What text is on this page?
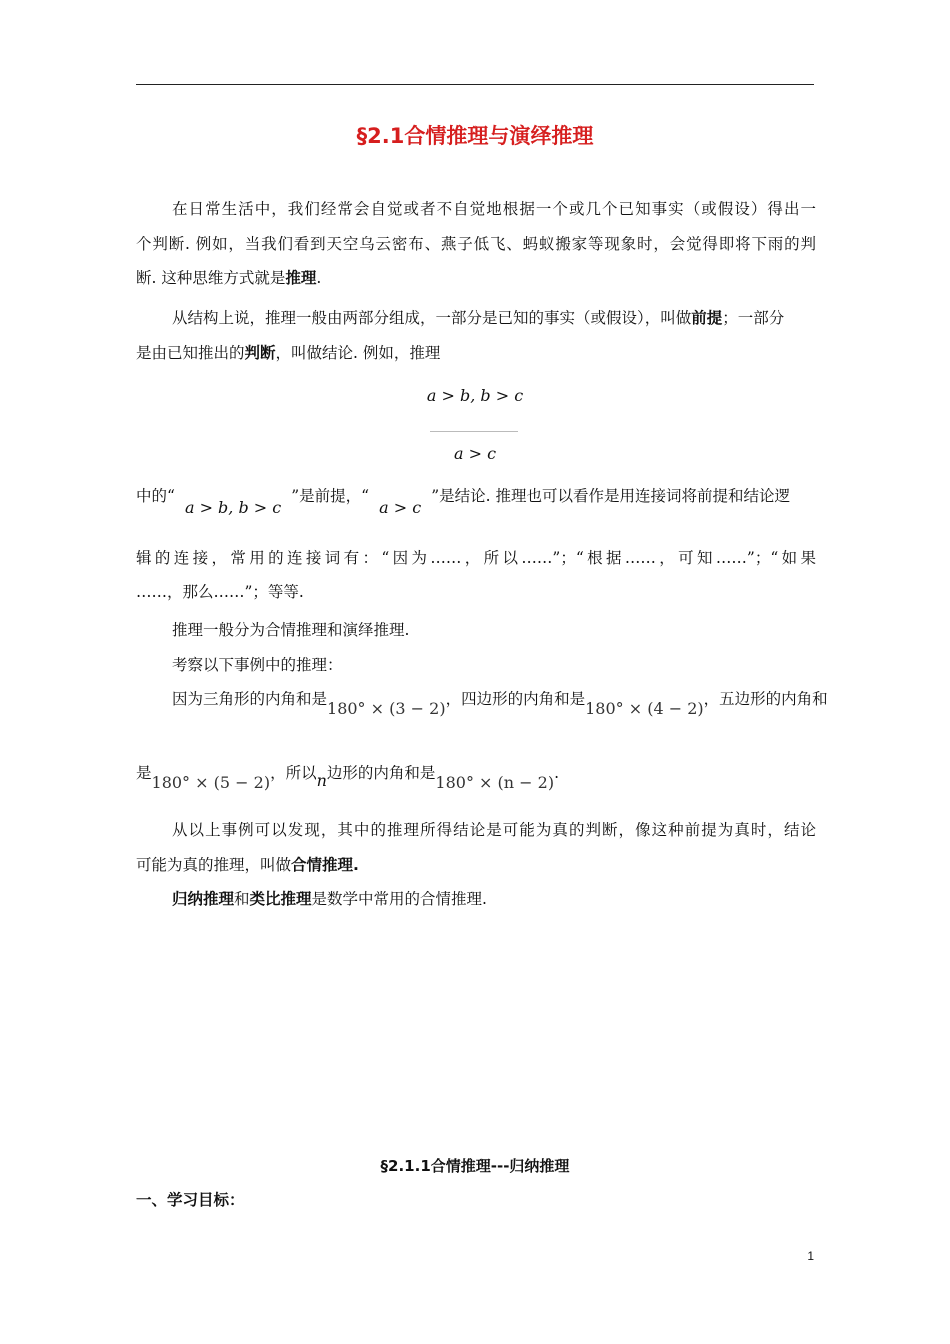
§2.1合情推理与演绎推理
在日常生活中，我们经常会自觉或者不自觉地根据一个或几个已知事实（或假设）得出一
个判断. 例如，当我们看到天空乌云密布、燕子低飞、蚂蚁搬家等现象时，会觉得即将下雨的判
断. 这种思维方式就是推理.
从结构上说，推理一般由两部分组成，一部分是已知的事实（或假设），叫做前提；一部分
是由已知推出的判断，叫做结论. 例如，推理
a > b, b > c
a > c
中的“a > b, b > c”是前提，“a > c”是结论. 推理也可以看作是用连接词将前提和结论逻
辑的连接，常用的连接词有：“因为……，所以……”；“根据……，可知……”；“如果
……，那么……”；等等.
推理一般分为合情推理和演绎推理.
考察以下事例中的推理：
因为三角形的内角和是180° × (3 − 2)，四边形的内角和是180° × (4 − 2)，五边形的内角和
是180° × (5 − 2)，所以n边形的内角和是180° × (n − 2).
从以上事例可以发现，其中的推理所得结论是可能为真的判断，像这种前提为真时，结论
可能为真的推理，叫做合情推理.
归纳推理和类比推理是数学中常用的合情推理.
§2.1.1合情推理---归纳推理
一、学习目标：
1
